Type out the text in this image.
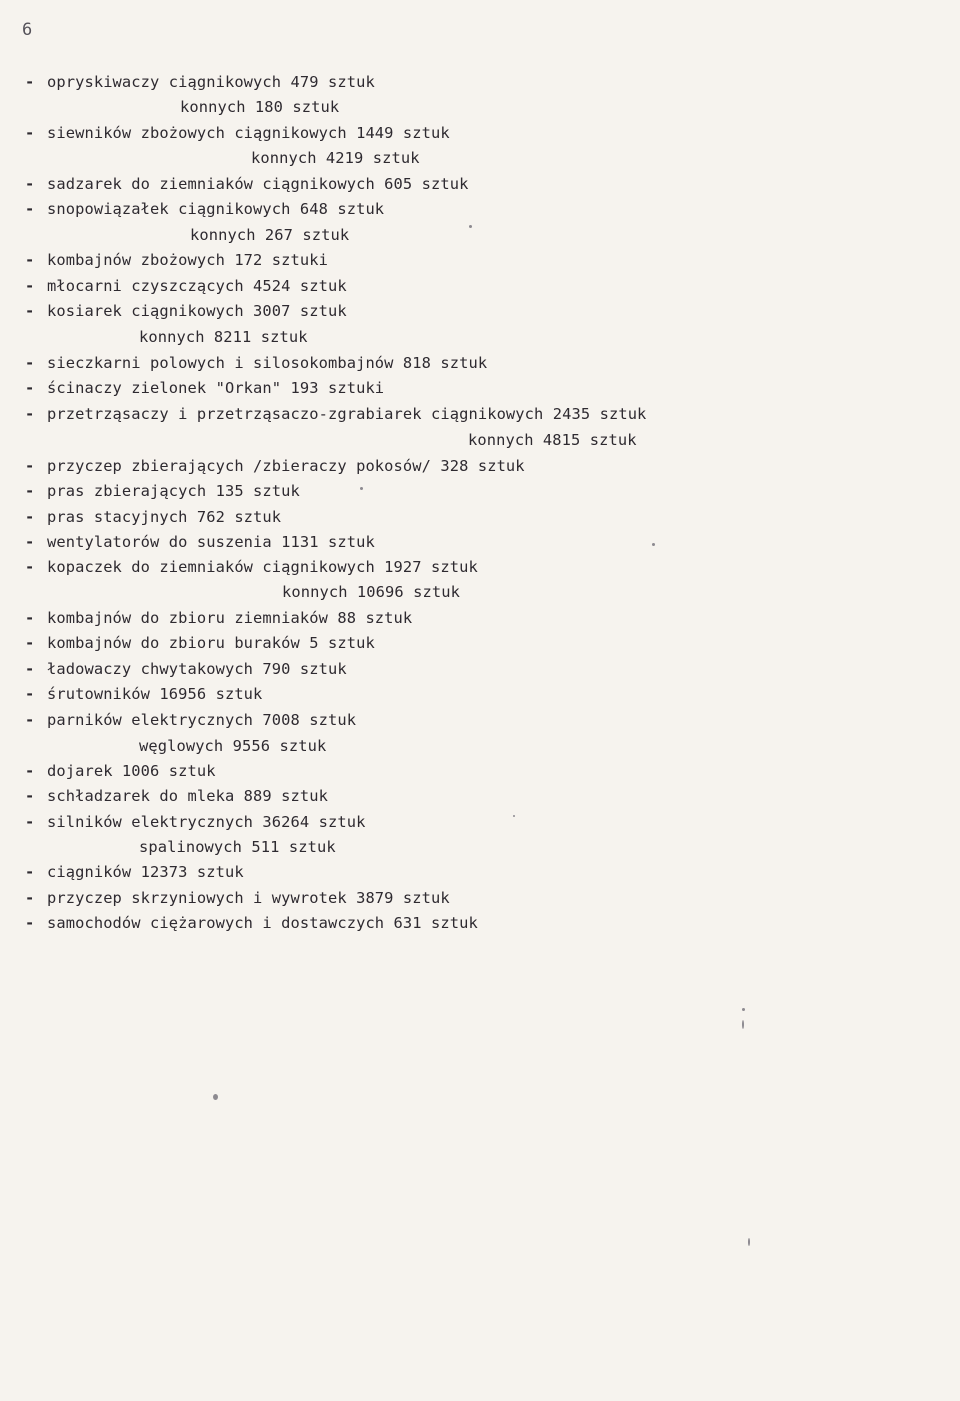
6
- opryskiwaczy ciągnikowych 479 sztuk
konnych 180 sztuk
- siewników zbożowych ciągnikowych 1449 sztuk
konnych 4219 sztuk
- sadzarek do ziemniaków ciągnikowych 605 sztuk
- snopowiązałek ciągnikowych 648 sztuk
konnych 267 sztuk
- kombajnów zbożowych 172 sztuki
- młocarni czyszczących 4524 sztuk
- kosiarek ciągnikowych 3007 sztuk
konnych 8211 sztuk
- sieczkarni polowych i silosokombajnów 818 sztuk
- ścinaczy zielonek "Orkan" 193 sztuki
- przetrząsaczy i przetrząsaczo-zgrabiarek ciągnikowych 2435 sztuk
konnych 4815 sztuk
- przyczep zbierających /zbieraczy pokosów/ 328 sztuk
- pras zbierających 135 sztuk
- pras stacyjnych 762 sztuk
- wentylatorów do suszenia 1131 sztuk
- kopaczek do ziemniaków ciągnikowych 1927 sztuk
konnych 10696 sztuk
- kombajnów do zbioru ziemniaków 88 sztuk
- kombajnów do zbioru buraków 5 sztuk
- ładowaczy chwytakowych 790 sztuk
- śrutowników 16956 sztuk
- parników elektrycznych 7008 sztuk
węglowych 9556 sztuk
- dojarek 1006 sztuk
- schładzarek do mleka 889 sztuk
- silników elektrycznych 36264 sztuk
spalinowych 511 sztuk
- ciągników 12373 sztuk
- przyczep skrzyniowych i wywrotek 3879 sztuk
- samochodów ciężarowych i dostawczych 631 sztuk
